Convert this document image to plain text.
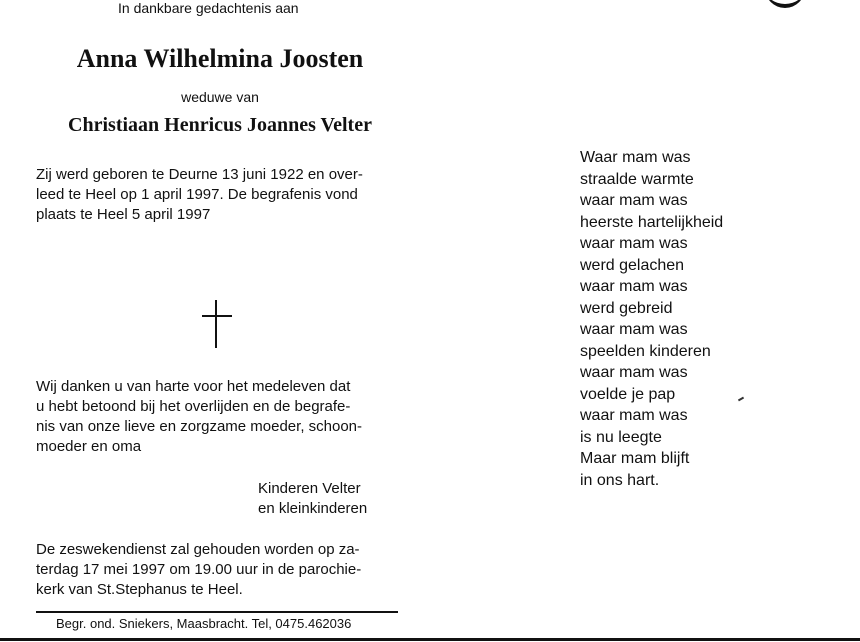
In dankbare gedachtenis aan
Anna Wilhelmina Joosten
weduwe van
Christiaan Henricus Joannes Velter
Zij werd geboren te Deurne 13 juni 1922 en over-
leed te Heel op 1 april 1997. De begrafenis vond
plaats te Heel 5 april 1997
Wij danken u van harte voor het medeleven dat
u hebt betoond bij het overlijden en de begrafe-
nis van onze lieve en zorgzame moeder, schoon-
moeder en oma
Kinderen Velter
en kleinkinderen
De zeswekendienst zal gehouden worden op za-
terdag 17 mei 1997 om 19.00 uur in de parochie-
kerk van St.Stephanus te Heel.
Begr. ond. Sniekers, Maasbracht. Tel, 0475.462036
Waar mam was
straalde warmte
waar mam was
heerste hartelijkheid
waar mam was
werd gelachen
waar mam was
werd gebreid
waar mam was
speelden kinderen
waar mam was
voelde je pap
waar mam was
is nu leegte
Maar mam blijft
in ons hart.
